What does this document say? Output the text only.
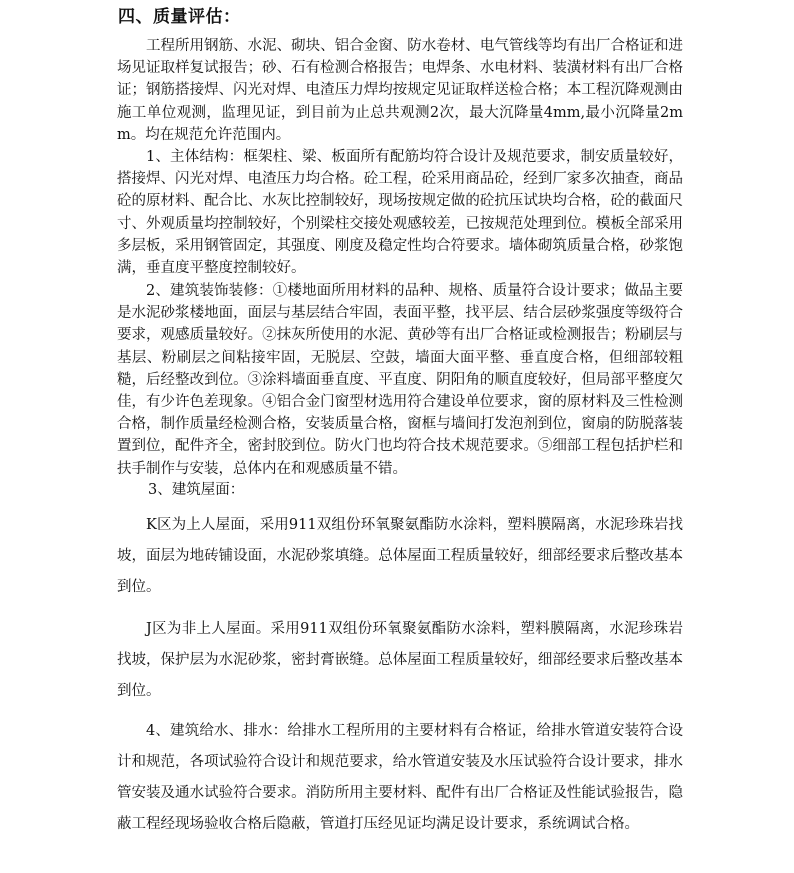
四、质量评估：

工程所用钢筋、水泥、砌块、铝合金窗、防水卷材、电气管线等均有出厂合格证和进场见证取样复试报告；砂、石有检测合格报告；电焊条、水电材料、装潢材料有出厂合格证；钢筋搭接焊、闪光对焊、电渣压力焊均按规定见证取样送检合格；本工程沉降观测由施工单位观测，监理见证，到目前为止总共观测2次，最大沉降量4mm,最小沉降量2mm。均在规范允许范围内。

1、主体结构：框架柱、梁、板面所有配筋均符合设计及规范要求，制安质量较好，搭接焊、闪光对焊、电渣压力均合格。砼工程，砼采用商品砼，经到厂家多次抽查，商品砼的原材料、配合比、水灰比控制较好，现场按规定做的砼抗压试块均合格，砼的截面尺寸、外观质量均控制较好，个别梁柱交接处观感较差，已按规范处理到位。模板全部采用多层板，采用钢管固定，其强度、刚度及稳定性均合符要求。墙体砌筑质量合格，砂浆饱满，垂直度平整度控制较好。

2、建筑装饰装修：①楼地面所用材料的品种、规格、质量符合设计要求；做品主要是水泥砂浆楼地面，面层与基层结合牢固，表面平整，找平层、结合层砂浆强度等级符合要求，观感质量较好。②抹灰所使用的水泥、黄砂等有出厂合格证或检测报告；粉刷层与基层、粉刷层之间粘接牢固，无脱层、空鼓，墙面大面平整、垂直度合格，但细部较粗糙，后经整改到位。③涂料墙面垂直度、平直度、阴阳角的顺直度较好，但局部平整度欠佳，有少许色差现象。④铝合金门窗型材选用符合建设单位要求，窗的原材料及三性检测合格，制作质量经检测合格，安装质量合格，窗框与墙间打发泡剂到位，窗扇的防脱落装置到位，配件齐全，密封胶到位。防火门也均符合技术规范要求。⑤细部工程包括护栏和扶手制作与安装，总体内在和观感质量不错。

3、建筑屋面：

K区为上人屋面，采用911双组份环氧聚氨酯防水涂料，塑料膜隔离，水泥珍珠岩找坡，面层为地砖铺设面，水泥砂浆填缝。总体屋面工程质量较好，细部经要求后整改基本到位。

J区为非上人屋面。采用911双组份环氧聚氨酯防水涂料，塑料膜隔离，水泥珍珠岩找坡，保护层为水泥砂浆，密封膏嵌缝。总体屋面工程质量较好，细部经要求后整改基本到位。

4、建筑给水、排水：给排水工程所用的主要材料有合格证，给排水管道安装符合设计和规范，各项试验符合设计和规范要求，给水管道安装及水压试验符合设计要求，排水管安装及通水试验符合要求。消防所用主要材料、配件有出厂合格证及性能试验报告，隐蔽工程经现场验收合格后隐蔽，管道打压经见证均满足设计要求，系统调试合格。
